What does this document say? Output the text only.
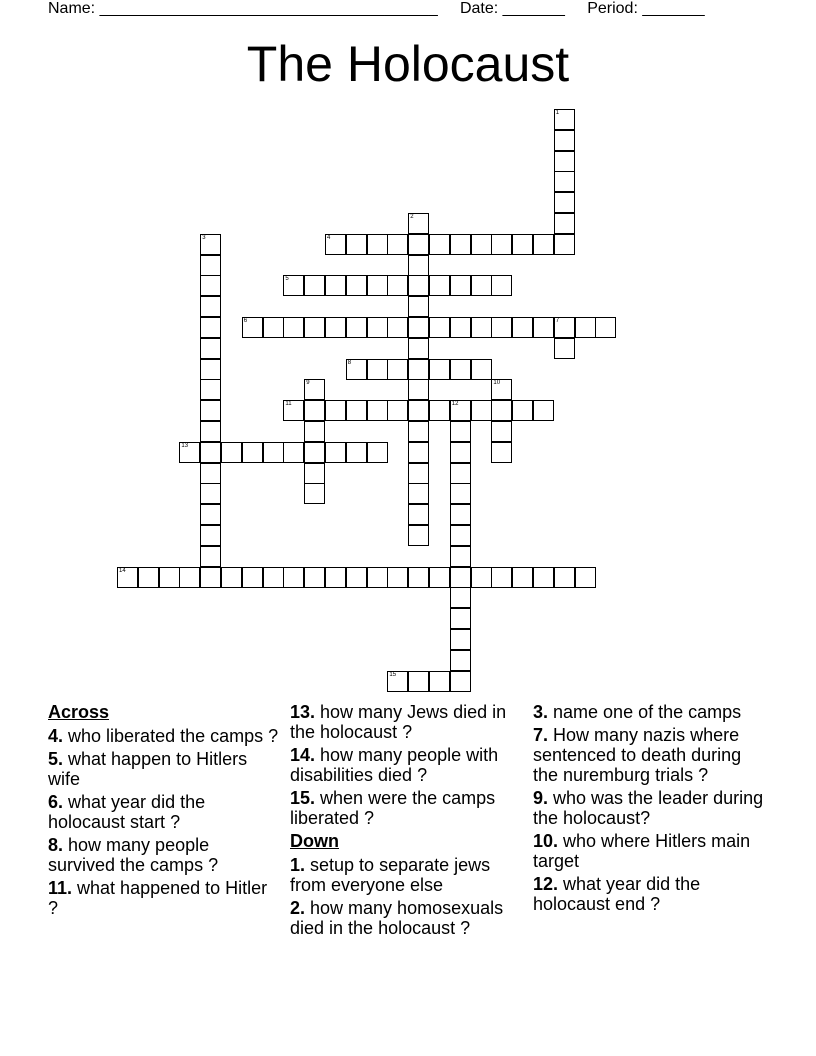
Name: ______________________________________ Date: _______ Period: _______
The Holocaust
1
2
3	4
5
6	7
8
9	10
11	12
13
14
15
Across
4. who liberated the camps ?
5. what happen to Hitlers wife
6. what year did the holocaust start ?
8. how many people survived the camps ?
11. what happened to Hitler ?
13. how many Jews died in the holocaust ?
14. how many people with disabilities died ?
15. when were the camps liberated ?
Down
1. setup to separate jews from everyone else
2. how many homosexuals died in the holocaust ?
3. name one of the camps
7. How many nazis where sentenced to death during the nuremburg trials ?
9. who was the leader during the holocaust?
10. who where Hitlers main target
12. what year did the holocaust end ?
